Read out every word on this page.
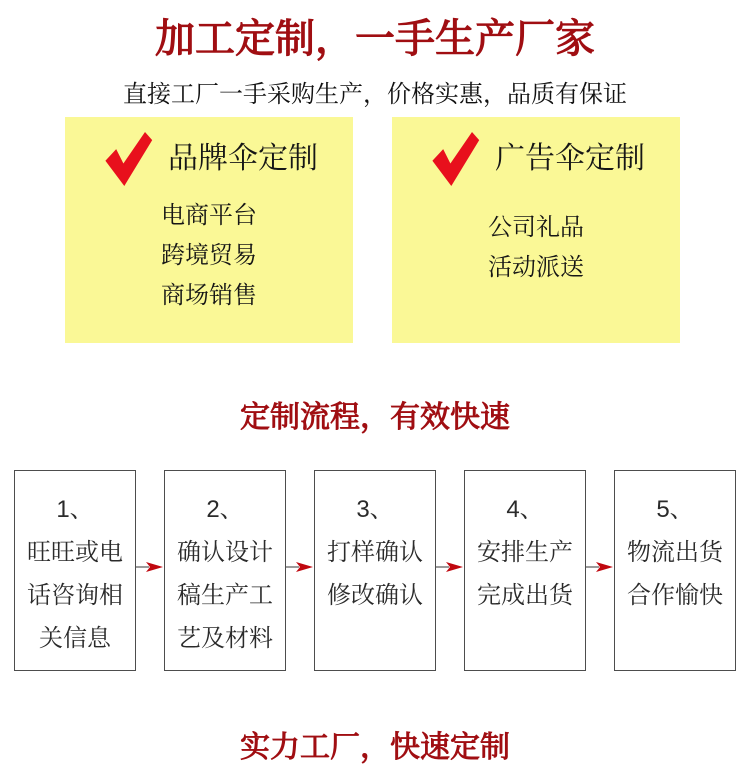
加工定制，一手生产厂家
直接工厂一手采购生产，价格实惠，品质有保证
品牌伞定制
电商平台
跨境贸易
商场销售
广告伞定制
公司礼品
活动派送
定制流程，有效快速
1、
旺旺或电
话咨询相
关信息
2、
确认设计
稿生产工
艺及材料
3、
打样确认
修改确认
4、
安排生产
完成出货
5、
物流出货
合作愉快
实力工厂，快速定制
